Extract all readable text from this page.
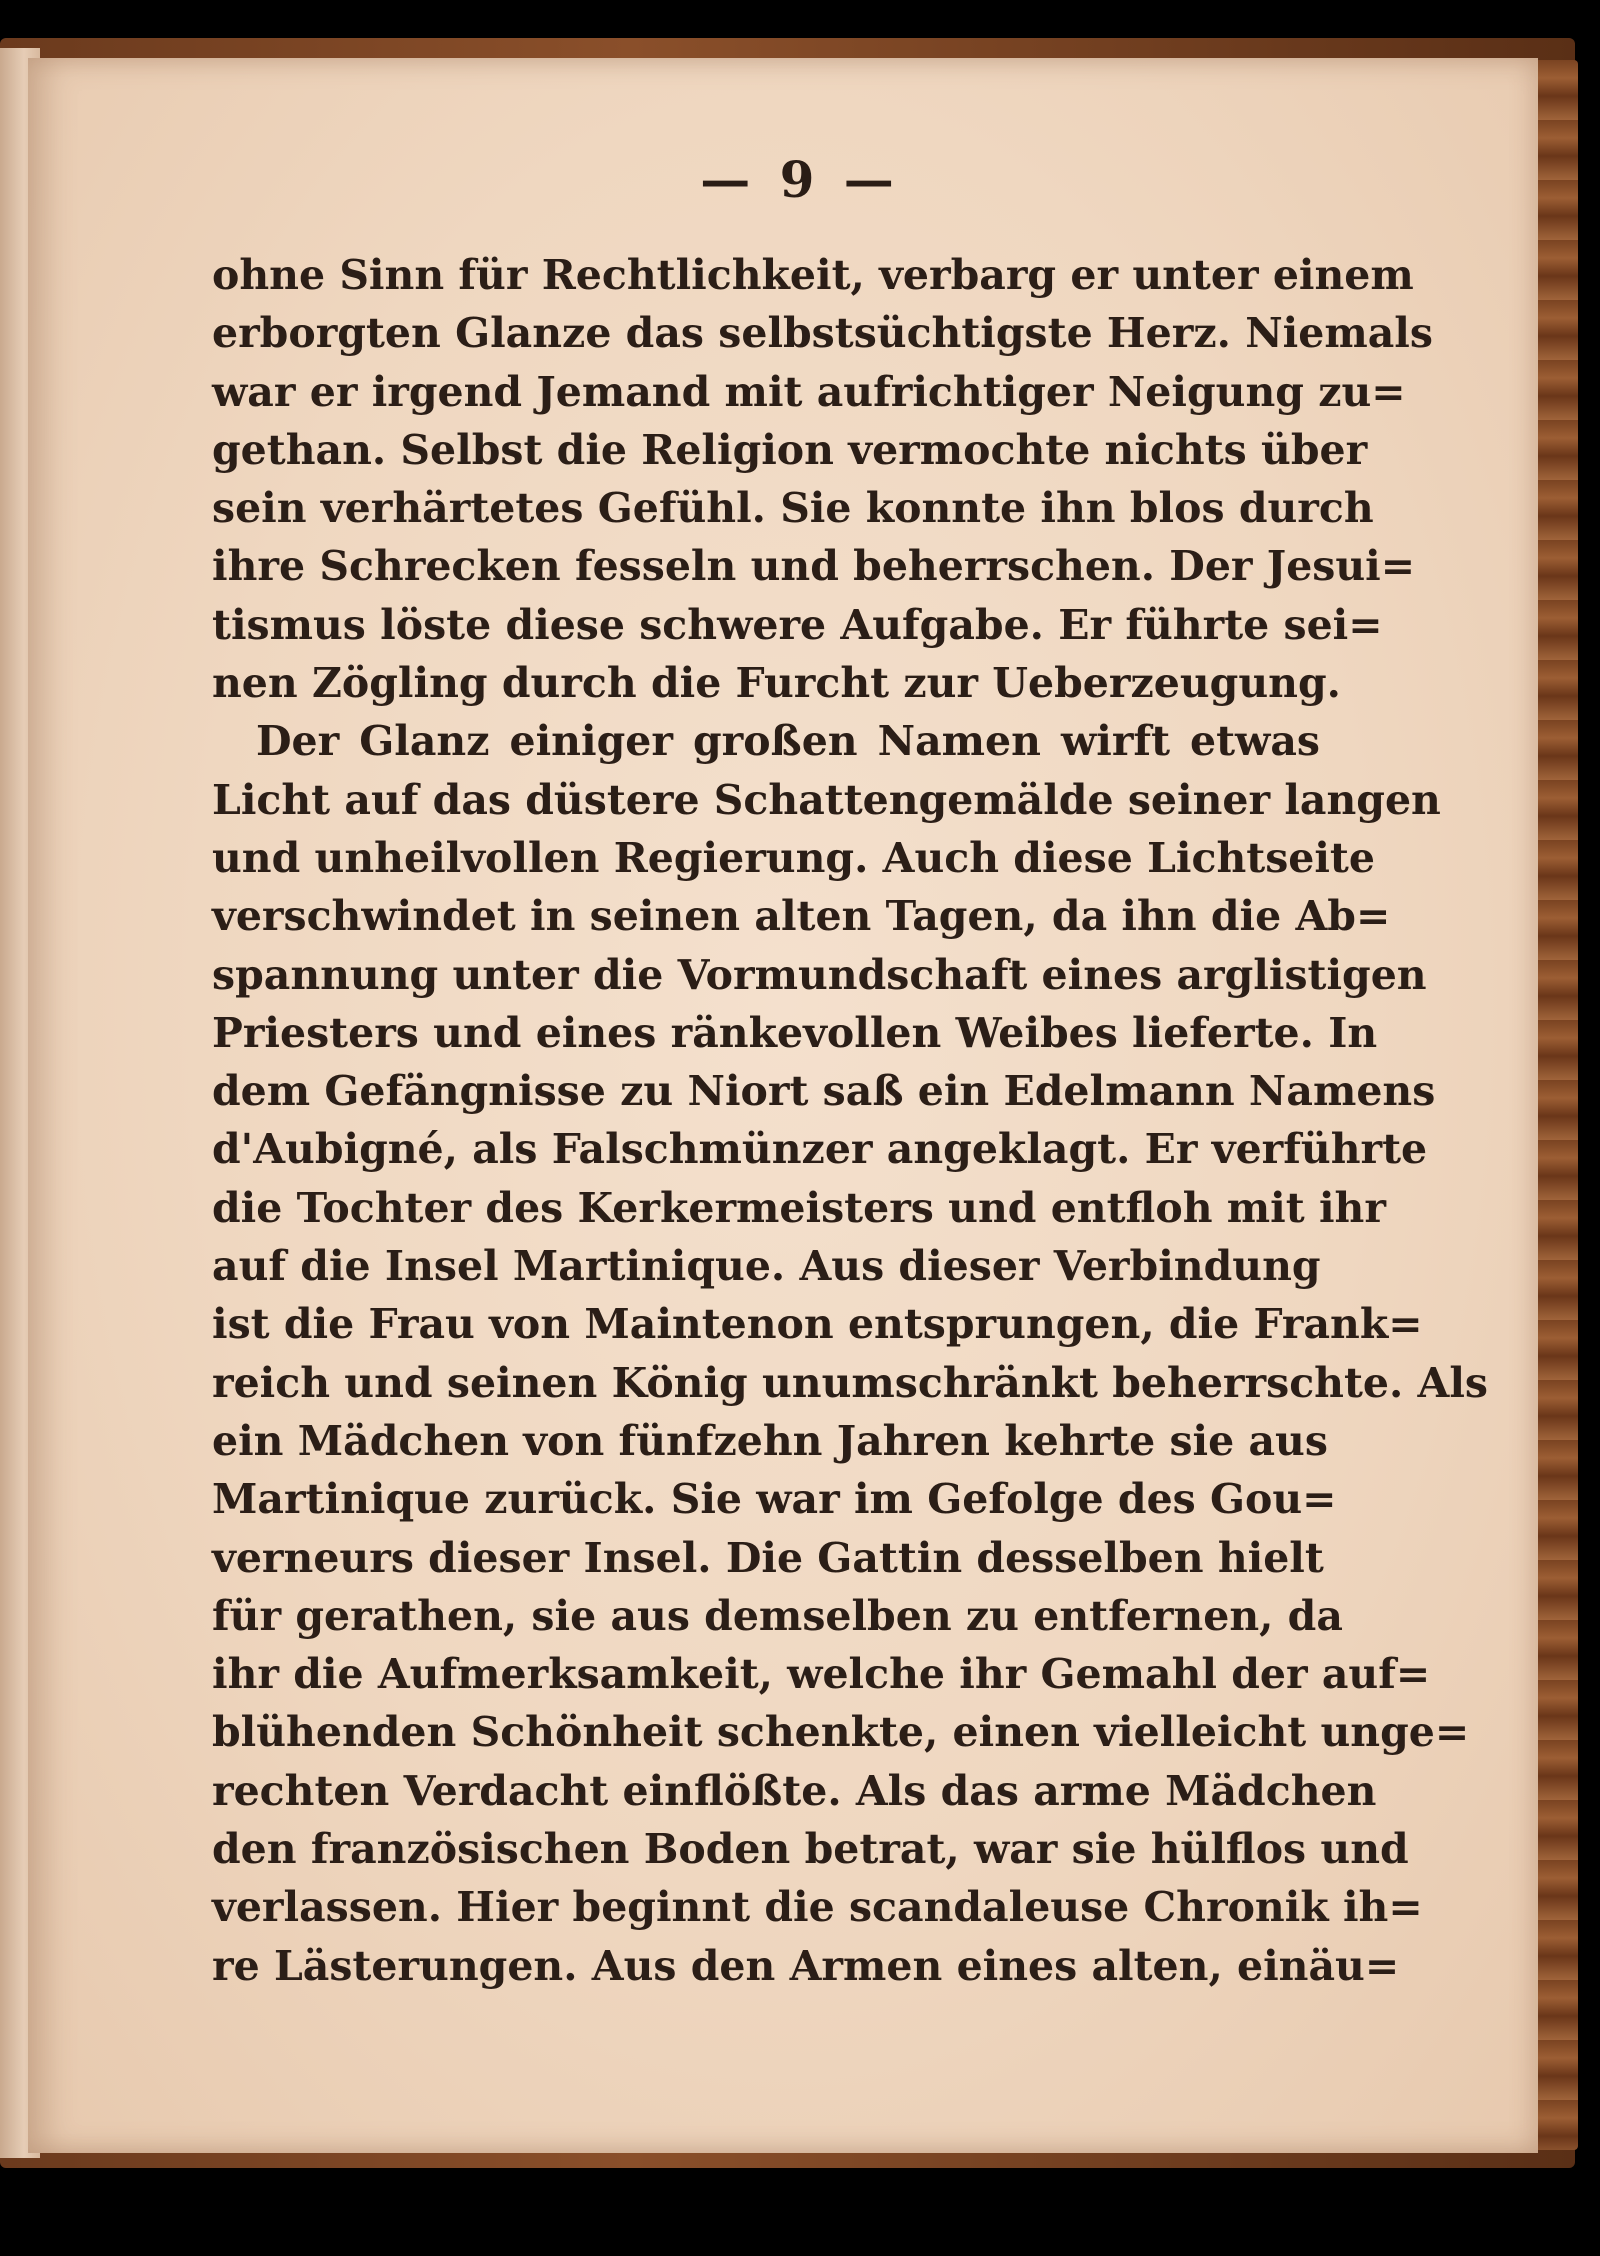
— 9 —
ohne Sinn für Rechtlichkeit, verbarg er unter einem
erborgten Glanze das selbstsüchtigste Herz. Niemals
war er irgend Jemand mit aufrichtiger Neigung zu=
gethan. Selbst die Religion vermochte nichts über
sein verhärtetes Gefühl. Sie konnte ihn blos durch
ihre Schrecken fesseln und beherrschen. Der Jesui=
tismus löste diese schwere Aufgabe. Er führte sei=
nen Zögling durch die Furcht zur Ueberzeugung.
Der Glanz einiger großen Namen wirft etwas
Licht auf das düstere Schattengemälde seiner langen
und unheilvollen Regierung. Auch diese Lichtseite
verschwindet in seinen alten Tagen, da ihn die Ab=
spannung unter die Vormundschaft eines arglistigen
Priesters und eines ränkevollen Weibes lieferte. In
dem Gefängnisse zu Niort saß ein Edelmann Namens
d'Aubigné, als Falschmünzer angeklagt. Er verführte
die Tochter des Kerkermeisters und entfloh mit ihr
auf die Insel Martinique. Aus dieser Verbindung
ist die Frau von Maintenon entsprungen, die Frank=
reich und seinen König unumschränkt beherrschte. Als
ein Mädchen von fünfzehn Jahren kehrte sie aus
Martinique zurück. Sie war im Gefolge des Gou=
verneurs dieser Insel. Die Gattin desselben hielt
für gerathen, sie aus demselben zu entfernen, da
ihr die Aufmerksamkeit, welche ihr Gemahl der auf=
blühenden Schönheit schenkte, einen vielleicht unge=
rechten Verdacht einflößte. Als das arme Mädchen
den französischen Boden betrat, war sie hülflos und
verlassen. Hier beginnt die scandaleuse Chronik ih=
re Lästerungen. Aus den Armen eines alten, einäu=
